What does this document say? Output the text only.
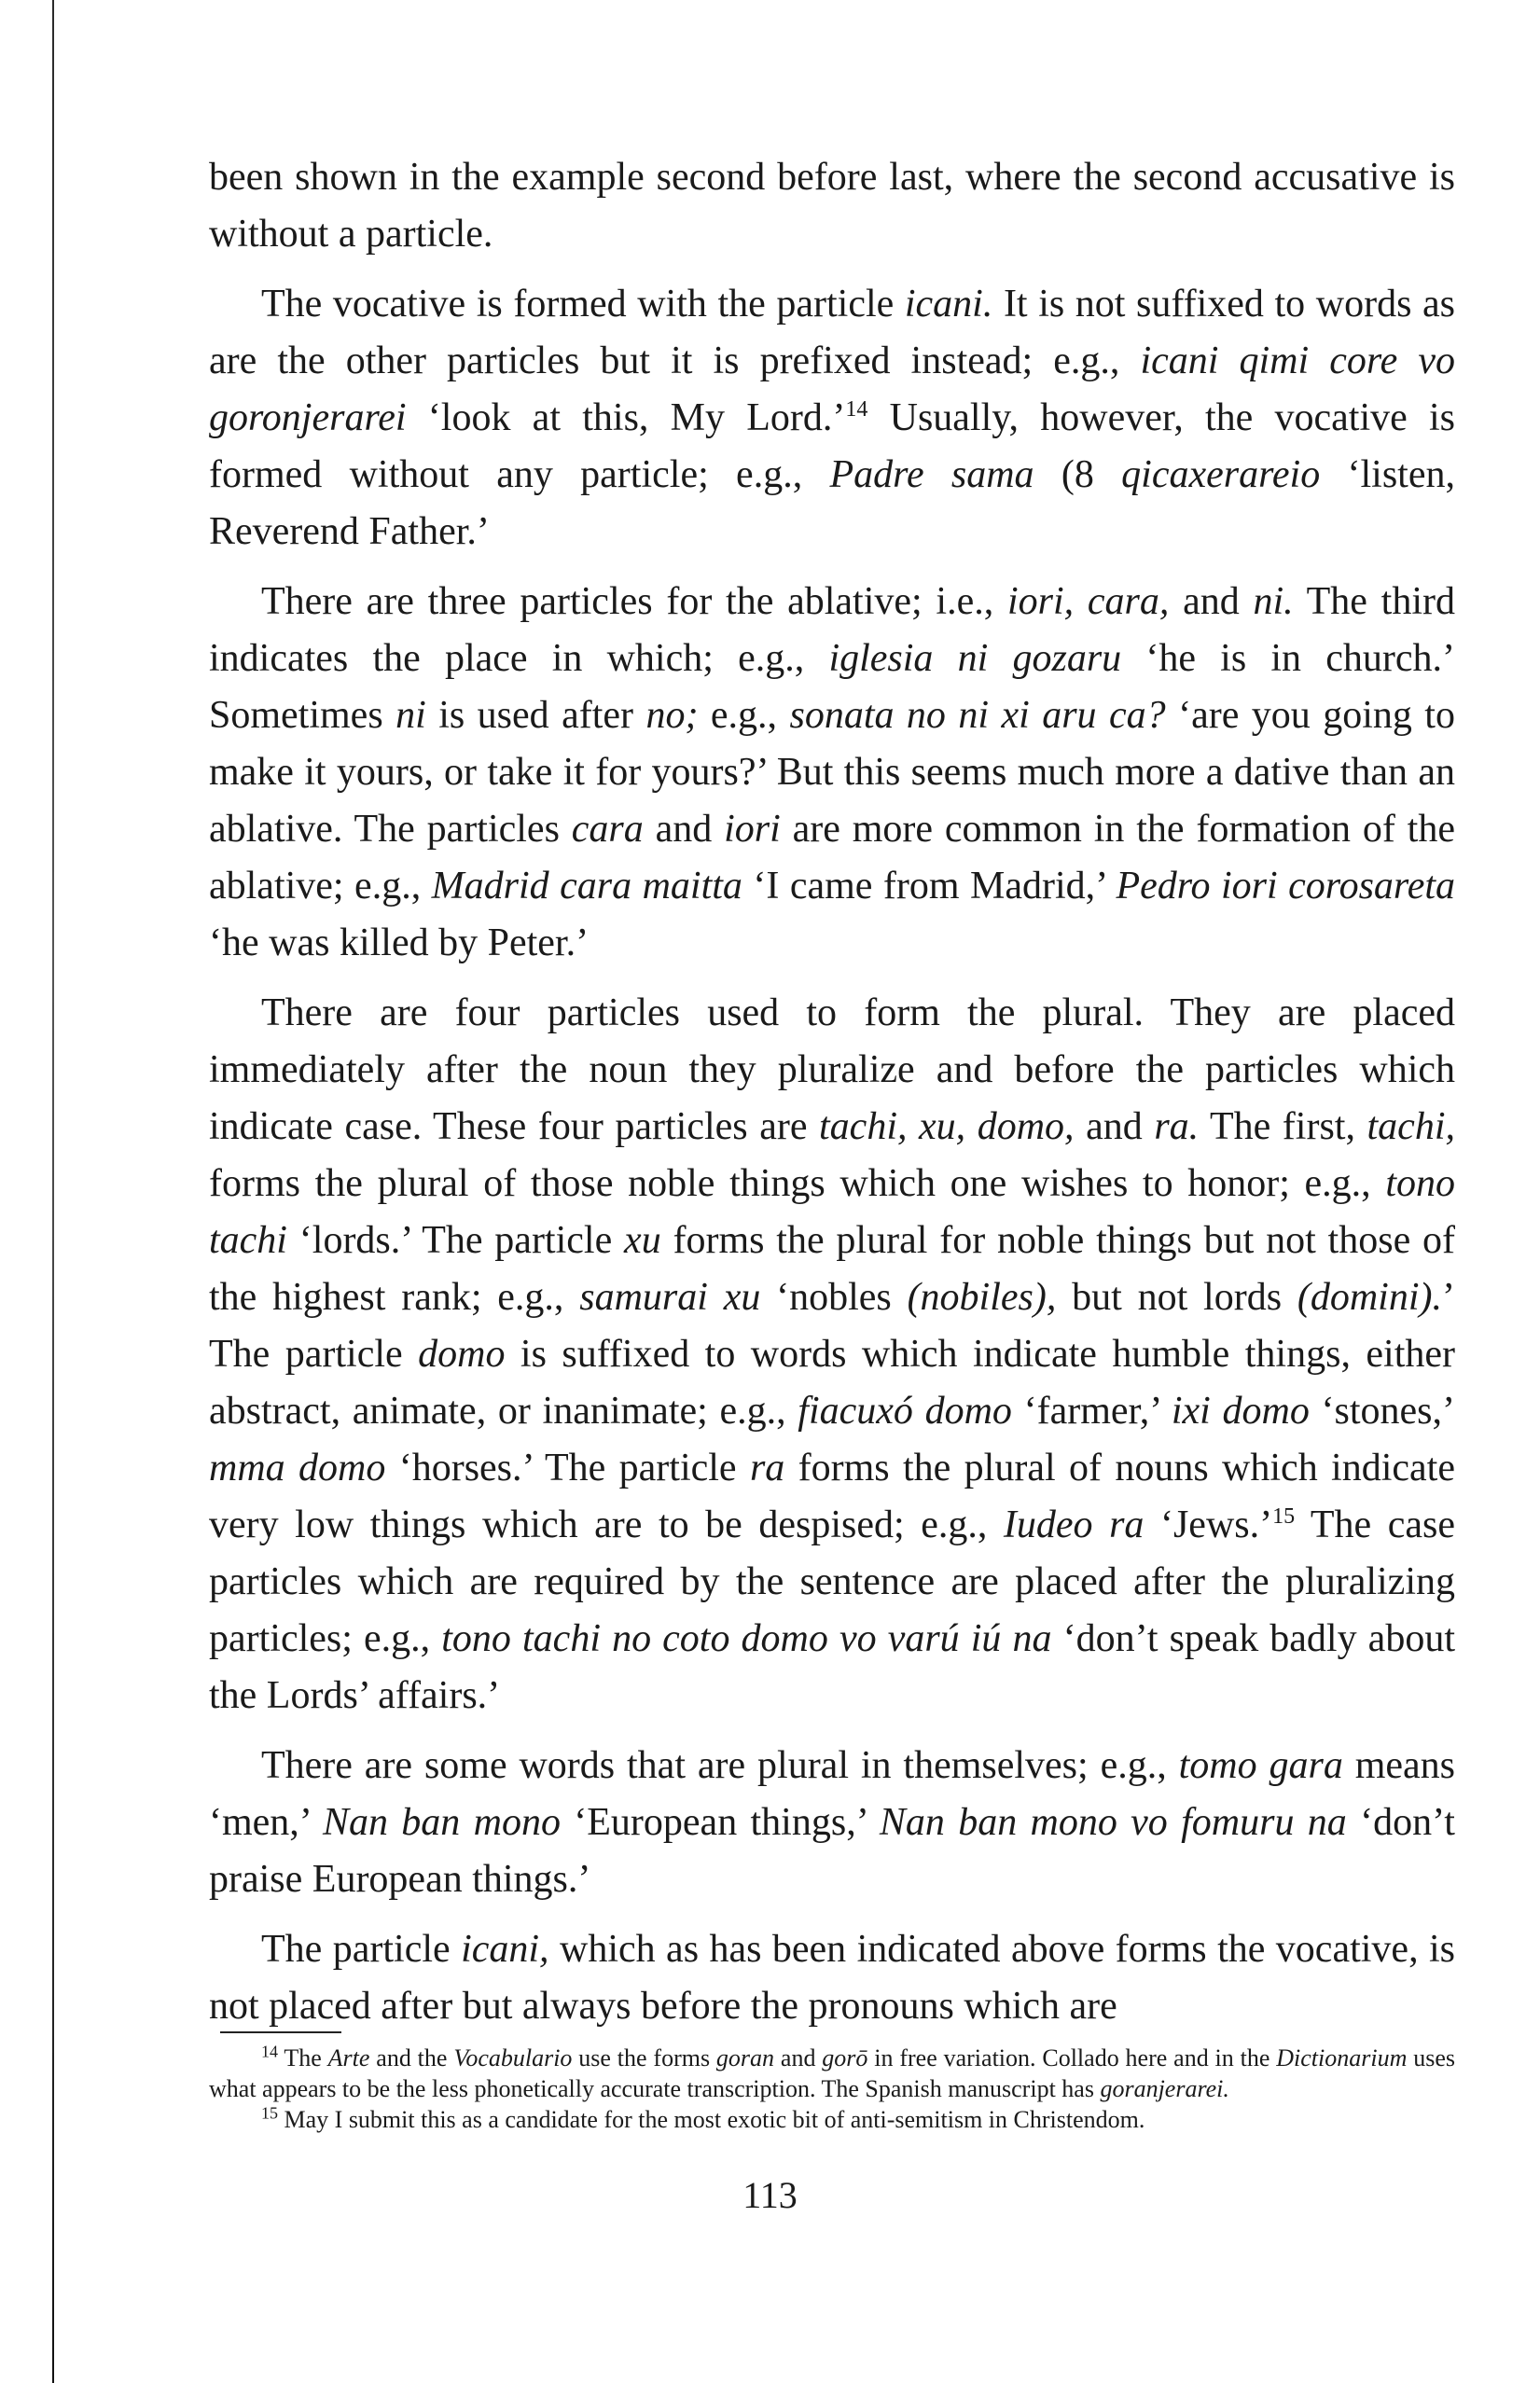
been shown in the example second before last, where the second accusative is without a particle.

The vocative is formed with the particle icani. It is not suffixed to words as are the other particles but it is prefixed instead; e.g., icani qimi core vo goronjerarei ‘look at this, My Lord.’$^{14}$ Usually, however, the vocative is formed without any particle; e.g., Padre sama (8 qicaxerareio ‘listen, Reverend Father.’

There are three particles for the ablative; i.e., iori, cara, and ni. The third indicates the place in which; e.g., iglesia ni gozaru ‘he is in church.’ Sometimes ni is used after no; e.g., sonata no ni xi aru ca? ‘are you going to make it yours, or take it for yours?’ But this seems much more a dative than an ablative. The particles cara and iori are more common in the formation of the ablative; e.g., Madrid cara maitta ‘I came from Madrid,’ Pedro iori corosareta ‘he was killed by Peter.’

There are four particles used to form the plural. They are placed immediately after the noun they pluralize and before the particles which indicate case. These four particles are tachi, xu, domo, and ra. The first, tachi, forms the plural of those noble things which one wishes to honor; e.g., tono tachi ‘lords.’ The particle xu forms the plural for noble things but not those of the highest rank; e.g., samurai xu ‘nobles (nobiles), but not lords (domini).’ The particle domo is suffixed to words which indicate humble things, either abstract, animate, or inanimate; e.g., fiacuxó domo ‘farmer,’ ixi domo ‘stones,’ mma domo ‘horses.’ The particle ra forms the plural of nouns which indicate very low things which are to be despised; e.g., Iudeo ra ‘Jews.’$^{15}$ The case particles which are required by the sentence are placed after the pluralizing particles; e.g., tono tachi no coto domo vo varú iú na ‘don’t speak badly about the Lords’ affairs.’

There are some words that are plural in themselves; e.g., tomo gara means ‘men,’ Nan ban mono ‘European things,’ Nan ban mono vo fomuru na ‘don’t praise European things.’

The particle icani, which as has been indicated above forms the vocative, is not placed after but always before the pronouns which are

$^{14}$ The Arte and the Vocabulario use the forms goran and gorō in free variation. Collado here and in the Dictionarium uses what appears to be the less phonetically accurate transcription. The Spanish manuscript has goranjerarei.

$^{15}$ May I submit this as a candidate for the most exotic bit of anti-semitism in Christendom.

113
